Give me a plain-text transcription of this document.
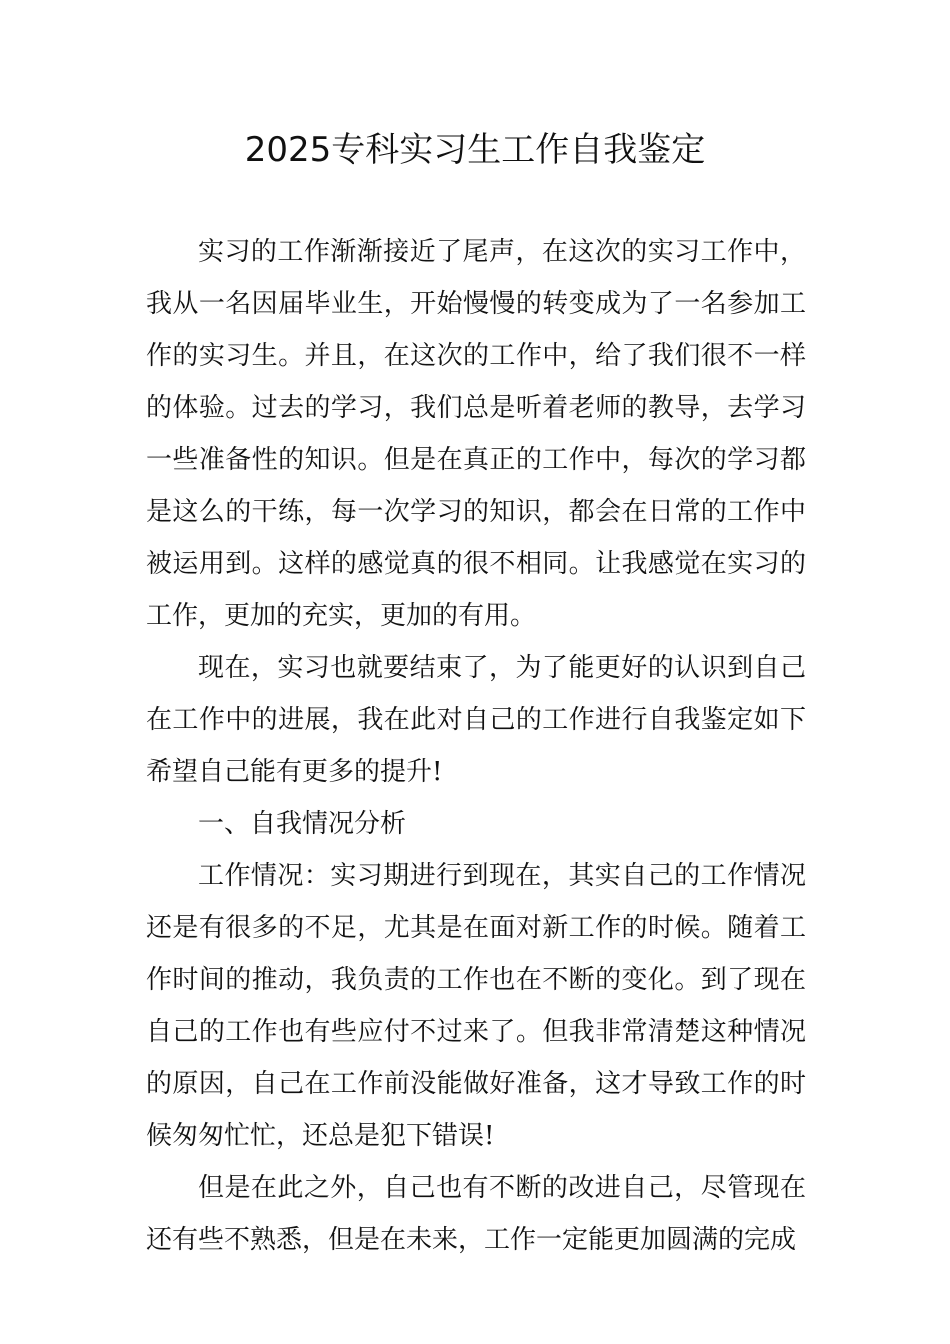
2025专科实习生工作自我鉴定

实习的工作渐渐接近了尾声，在这次的实习工作中，我从一名因届毕业生，开始慢慢的转变成为了一名参加工作的实习生。并且，在这次的工作中，给了我们很不一样的体验。过去的学习，我们总是听着老师的教导，去学习一些准备性的知识。但是在真正的工作中，每次的学习都是这么的干练，每一次学习的知识，都会在日常的工作中被运用到。这样的感觉真的很不相同。让我感觉在实习的工作，更加的充实，更加的有用。

现在，实习也就要结束了，为了能更好的认识到自己在工作中的进展，我在此对自己的工作进行自我鉴定如下希望自己能有更多的提升!

一、自我情况分析

工作情况：实习期进行到现在，其实自己的工作情况还是有很多的不足，尤其是在面对新工作的时候。随着工作时间的推动，我负责的工作也在不断的变化。到了现在自己的工作也有些应付不过来了。但我非常清楚这种情况的原因，自己在工作前没能做好准备，这才导致工作的时候匆匆忙忙，还总是犯下错误!

但是在此之外，自己也有不断的改进自己，尽管现在还有些不熟悉，但是在未来，工作一定能更加圆满的完成
